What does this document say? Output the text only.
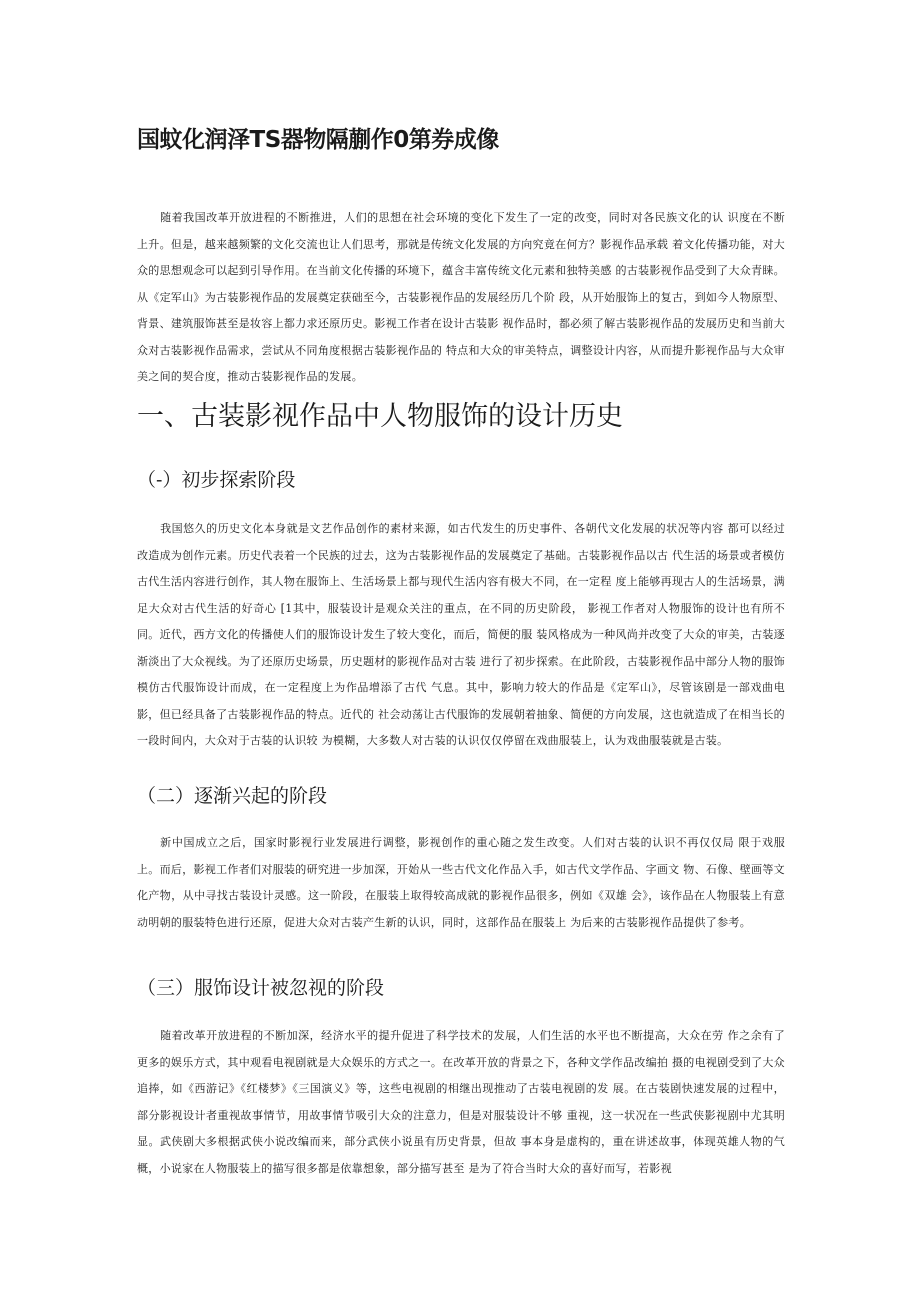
国蚊化润泽TS器物隔蒯作0第券成像

随着我国改革开放进程的不断推进，人们的思想在社会环境的变化下发生了一定的改变，同时对各民族文化的认 识度在不断上升。但是，越来越频繁的文化交流也让人们思考，那就是传统文化发展的方向究竟在何方？影视作品承载 着文化传播功能，对大众的思想观念可以起到引导作用。在当前文化传播的环境下，蕴含丰富传统文化元素和独特美感 的古装影视作品受到了大众青睐。从《定军山》为古装影视作品的发展奠定获础至今，古装影视作品的发展经历几个阶 段，从开始服饰上的复古，到如今人物原型、背景、建筑服饰甚至是妆容上都力求还原历史。影视工作者在设计古装影 视作品时，都必须了解古装影视作品的发展历史和当前大众对古装影视作品需求，尝试从不同角度根据古装影视作品的 特点和大众的审美特点，调整设计内容，从而提升影视作品与大众审美之间的契合度，推动古装影视作品的发展。

一、古装影视作品中人物服饰的设计历史
（-）初步探索阶段

我国悠久的历史文化本身就是文艺作品创作的素材来源，如古代发生的历史事件、各朝代文化发展的状况等内容 都可以经过改造成为创作元素。历史代表着一个民族的过去，这为古装影视作品的发展奠定了基础。古装影视作品以古 代生活的场景或者模仿古代生活内容进行创作，其人物在服饰上、生活场景上都与现代生活内容有极大不同，在一定程 度上能够再现古人的生活场景，满足大众对古代生活的好奇心 [1其中，服装设计是观众关注的重点，在不同的历史阶段， 影视工作者对人物服饰的设计也有所不同。近代，西方文化的传播使人们的服饰设计发生了较大变化，而后，简便的服 装风格成为一种风尚并改变了大众的审美，古装逐渐淡出了大众视线。为了还原历史场景，历史题材的影视作品对古装 进行了初步探索。在此阶段，古装影视作品中部分人物的服饰模仿古代服饰设计而成，在一定程度上为作品增添了古代 气息。其中，影响力较大的作品是《定军山》，尽管该剧是一部戏曲电影，但已经具备了古装影视作品的特点。近代的 社会动荡让古代服饰的发展朝着抽象、简便的方向发展，这也就造成了在相当长的一段时间内，大众对于古装的认识较 为模糊，大多数人对古装的认识仅仅停留在戏曲服装上，认为戏曲服装就是古装。

（二）逐渐兴起的阶段

新中国成立之后，国家时影视行业发展进行调整，影视创作的重心随之发生改变。人们对古装的认识不再仅仅局 限于戏服上。而后，影视工作者们对服装的研究进一步加深，开始从一些古代文化作品入手，如古代文学作品、字画文 物、石像、壁画等文化产物，从中寻找古装设计灵感。这一阶段，在服装上取得较高成就的影视作品很多，例如《双雄 会》，该作品在人物服装上有意动明朝的服装特色进行还原，促进大众对古装产生新的认识，同时，这部作品在服装上 为后来的古装影视作品提供了参考。

（三）服饰设计被忽视的阶段

随着改革开放进程的不断加深，经济水平的提升促进了科学技术的发展，人们生活的水平也不断提高，大众在劳 作之余有了更多的娱乐方式，其中观看电视剧就是大众娱乐的方式之一。在改革开放的背景之下，各种文学作品改编拍 摄的电视剧受到了大众追捧，如《西游记》《红楼梦》《三国演义》等，这些电视剧的相继出现推动了古装电视剧的发 展。在古装剧快速发展的过程中，部分影视设计者重视故事情节，用故事情节吸引大众的注意力，但是对服装设计不够 重视，这一状况在一些武侠影视剧中尤其明显。武侠剧大多根据武侠小说改编而来，部分武侠小说虽有历史背景，但故 事本身是虚构的，重在讲述故事，体现英雄人物的气概，小说家在人物服装上的描写很多都是依靠想象，部分描写甚至 是为了符合当时大众的喜好而写，若影视
